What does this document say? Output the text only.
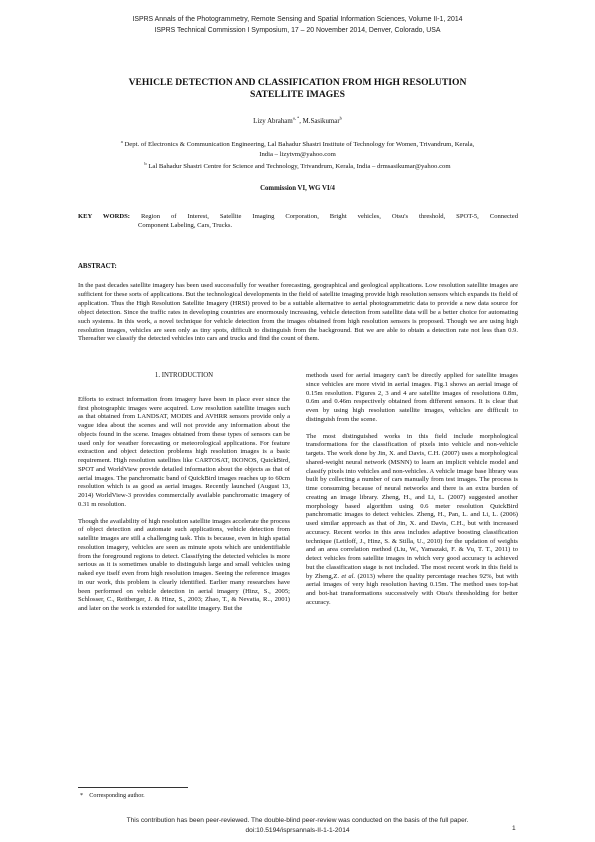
ISPRS Annals of the Photogrammetry, Remote Sensing and Spatial Information Sciences, Volume II-1, 2014
ISPRS Technical Commission I Symposium, 17 – 20 November 2014, Denver, Colorado, USA
VEHICLE DETECTION AND CLASSIFICATION FROM HIGH RESOLUTION
SATELLITE IMAGES
Lizy Abraham$^{a, *}$, M.Sasikumar$^b$
$^a$ Dept. of Electronics & Communication Engineering, Lal Bahadur Shastri Institute of Technology for Women, Trivandrum, Kerala,
India – lizytvm@yahoo.com
$^b$ Lal Bahadur Shastri Centre for Science and Technology, Trivandrum, Kerala, India – drmsasikumar@yahoo.com
Commission VI, WG VI/4
KEY WORDS: Region of Interest, Satellite Imaging Corporation, Bright vehicles, Otsu's threshold, SPOT-5, Connected
Component Labeling, Cars, Trucks.
ABSTRACT:
In the past decades satellite imagery has been used successfully for weather forecasting, geographical and geological applications. Low resolution satellite images are sufficient for these sorts of applications. But the technological developments in the field of satellite imaging provide high resolution sensors which expands its field of application. Thus the High Resolution Satellite Imagery (HRSI) proved to be a suitable alternative to aerial photogrammetric data to provide a new data source for object detection. Since the traffic rates in developing countries are enormously increasing, vehicle detection from satellite data will be a better choice for automating such systems. In this work, a novel technique for vehicle detection from the images obtained from high resolution sensors is proposed. Though we are using high resolution images, vehicles are seen only as tiny spots, difficult to distinguish from the background. But we are able to obtain a detection rate not less than 0.9. Thereafter we classify the detected vehicles into cars and trucks and find the count of them.
1. INTRODUCTION

Efforts to extract information from imagery have been in place ever since the first photographic images were acquired. Low resolution satellite images such as that obtained from LANDSAT, MODIS and AVHRR sensors provide only a vague idea about the scenes and will not provide any information about the objects found in the scene. Images obtained from these types of sensors can be used only for weather forecasting or meteorological applications. For feature extraction and object detection problems high resolution images is a basic requirement. High resolution satellites like CARTOSAT, IKONOS, QuickBird, SPOT and WorldView provide detailed information about the objects as that of aerial images. The panchromatic band of QuickBird images reaches up to 60cm resolution which is as good as aerial images. Recently launched (August 13, 2014) WorldView-3 provides commercially available panchromatic imagery of 0.31 m resolution.

Though the availability of high resolution satellite images accelerate the process of object detection and automate such applications, vehicle detection from satellite images are still a challenging task. This is because, even in high spatial resolution imagery, vehicles are seen as minute spots which are unidentifiable from the foreground regions to detect. Classifying the detected vehicles is more serious as it is sometimes unable to distinguish large and small vehicles using naked eye itself even from high resolution images. Seeing the reference images in our work, this problem is clearly identified. Earlier many researches have been performed on vehicle detection in aerial imagery (Hinz, S., 2005; Schlosser, C., Reitberger, J. & Hinz, S., 2003; Zhao, T., & Nevatia, R.., 2001) and later on the work is extended for satellite imagery. But the

* Corresponding author.

methods used for aerial imagery can't be directly applied for satellite images since vehicles are more vivid in aerial images. Fig.1 shows an aerial image of 0.15m resolution. Figures 2, 3 and 4 are satellite images of resolutions 0.8m, 0.6m and 0.46m respectively obtained from different sensors. It is clear that even by using high resolution satellite images, vehicles are difficult to distinguish from the scene.

The most distinguished works in this field include morphological transformations for the classification of pixels into vehicle and non-vehicle targets. The work done by Jin, X. and Davis, C.H. (2007) uses a morphological shared-weight neural network (MSNN) to learn an implicit vehicle model and classify pixels into vehicles and non-vehicles. A vehicle image base library was built by collecting a number of cars manually from test images. The process is time consuming because of neural networks and there is an extra burden of creating an image library. Zheng, H., and Li, L. (2007) suggested another morphology based algorithm using 0.6 meter resolution QuickBird panchromatic images to detect vehicles. Zheng, H., Pan, L. and Li, L. (2006) used similar approach as that of Jin, X. and Davis, C.H., but with increased accuracy. Recent works in this area includes adaptive boosting classification technique (Leitloff, J., Hinz, S. & Stilla, U., 2010) for the updation of weights and an area correlation method (Liu, W., Yamazaki, F. & Vu, T. T., 2011) to detect vehicles from satellite images in which very good accuracy is achieved but the classification stage is not included. The most recent work in this field is by Zheng,Z. et al. (2013) where the quality percentage reaches 92%, but with aerial images of very high resolution having 0.15m. The method uses top-hat and bot-hat transformations successively with Otsu's thresholding for better accuracy.

This contribution has been peer-reviewed. The double-blind peer-review was conducted on the basis of the full paper.
doi:10.5194/isprsannals-II-1-1-2014	1
